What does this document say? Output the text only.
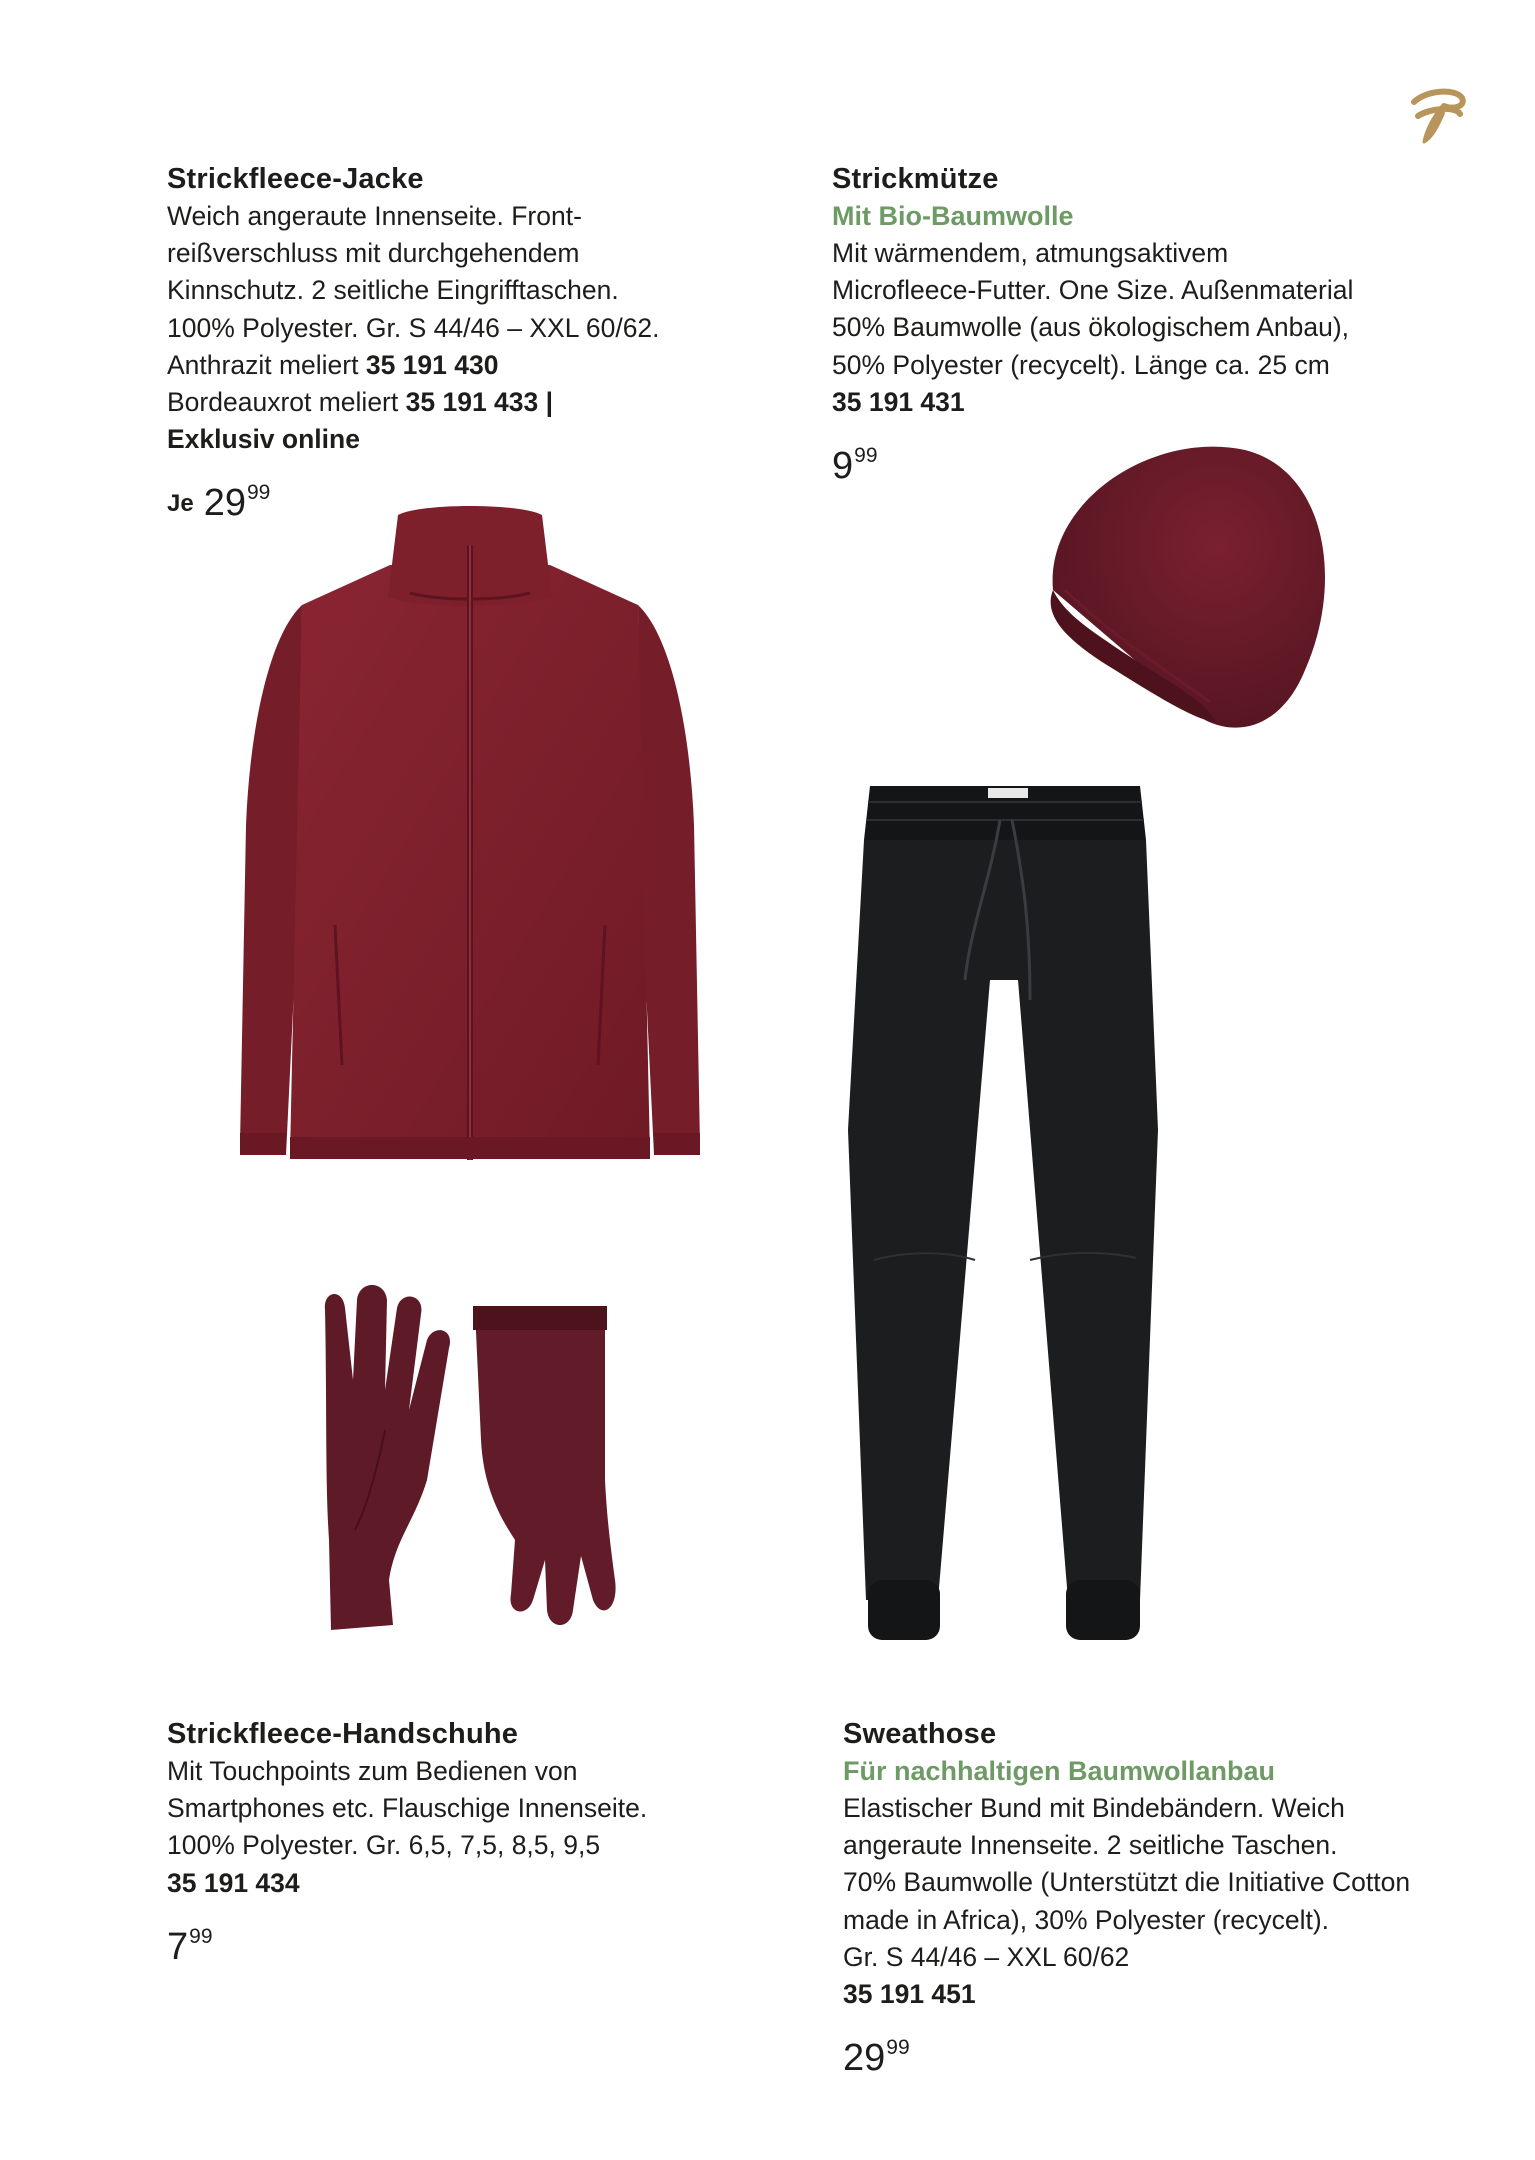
Strickfleece-Jacke
Weich angeraute Innenseite. Front-
reißverschluss mit durchgehendem
Kinnschutz. 2 seitliche Eingrifftaschen.
100% Polyester. Gr. S 44/46 – XXL 60/62.
Anthrazit meliert 35 191 430
Bordeauxrot meliert 35 191 433 |
Exklusiv online
Je $29^{99}$
Strickmütze
Mit Bio-Baumwolle
Mit wärmendem, atmungsaktivem
Microfleece-Futter. One Size. Außenmaterial
50% Baumwolle (aus ökologischem Anbau),
50% Polyester (recycelt). Länge ca. 25 cm
35 191 431
$9^{99}$
Strickfleece-Handschuhe
Mit Touchpoints zum Bedienen von
Smartphones etc. Flauschige Innenseite.
100% Polyester. Gr. 6,5, 7,5, 8,5, 9,5
35 191 434
$7^{99}$
Sweathose
Für nachhaltigen Baumwollanbau
Elastischer Bund mit Bindebändern. Weich
angeraute Innenseite. 2 seitliche Taschen.
70% Baumwolle (Unterstützt die Initiative Cotton
made in Africa), 30% Polyester (recycelt).
Gr. S 44/46 – XXL 60/62
35 191 451
$29^{99}$
